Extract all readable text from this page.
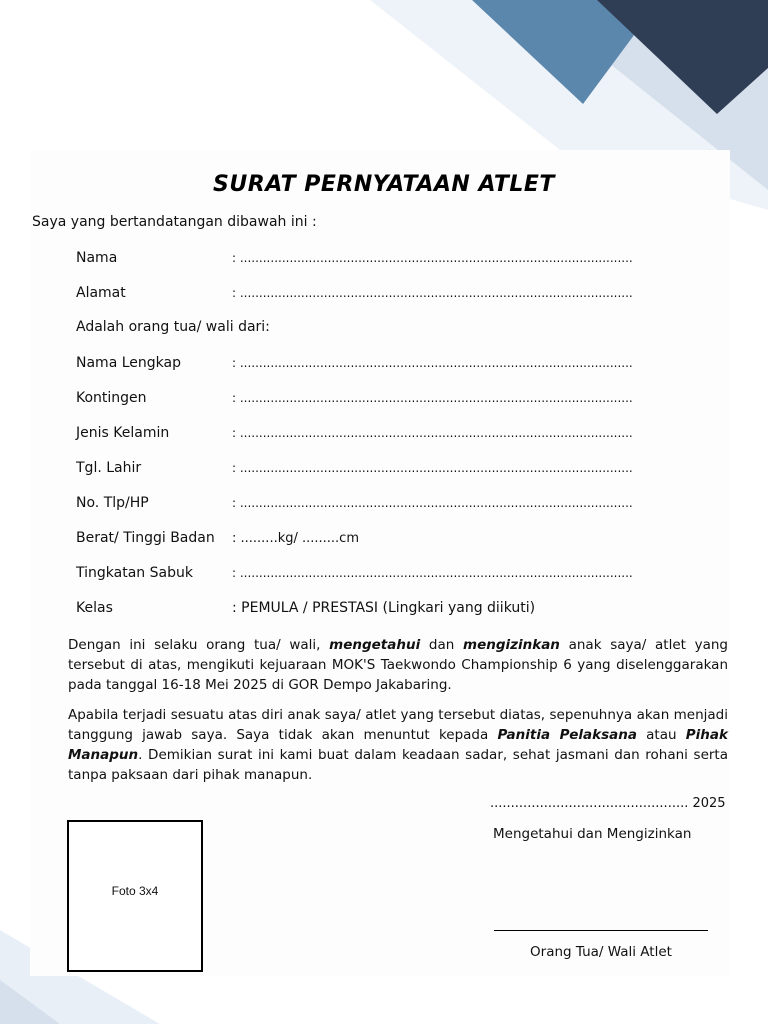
SURAT PERNYATAAN ATLET
Saya yang bertandatangan dibawah ini :
Nama	: .......................................................................................................
Alamat	: .......................................................................................................
Adalah orang tua/ wali dari:
Nama Lengkap	: .......................................................................................................
Kontingen	: .......................................................................................................
Jenis Kelamin	: .......................................................................................................
Tgl. Lahir	: .......................................................................................................
No. Tlp/HP	: .......................................................................................................
Berat/ Tinggi Badan	: .........kg/ .........cm
Tingkatan Sabuk	: .......................................................................................................
Kelas	: PEMULA / PRESTASI (Lingkari yang diikuti)
Dengan ini selaku orang tua/ wali, mengetahui dan mengizinkan anak saya/ atlet yang tersebut di atas, mengikuti kejuaraan MOK'S Taekwondo Championship 6 yang diselenggarakan pada tanggal 16-18 Mei 2025 di GOR Dempo Jakabaring.
Apabila terjadi sesuatu atas diri anak saya/ atlet yang tersebut diatas, sepenuhnya akan menjadi tanggung jawab saya. Saya tidak akan menuntut kepada Panitia Pelaksana atau Pihak Manapun. Demikian surat ini kami buat dalam keadaan sadar, sehat jasmani dan rohani serta tanpa paksaan dari pihak manapun.
Foto 3x4
................................................ 2025
Mengetahui dan Mengizinkan
Orang Tua/ Wali Atlet
